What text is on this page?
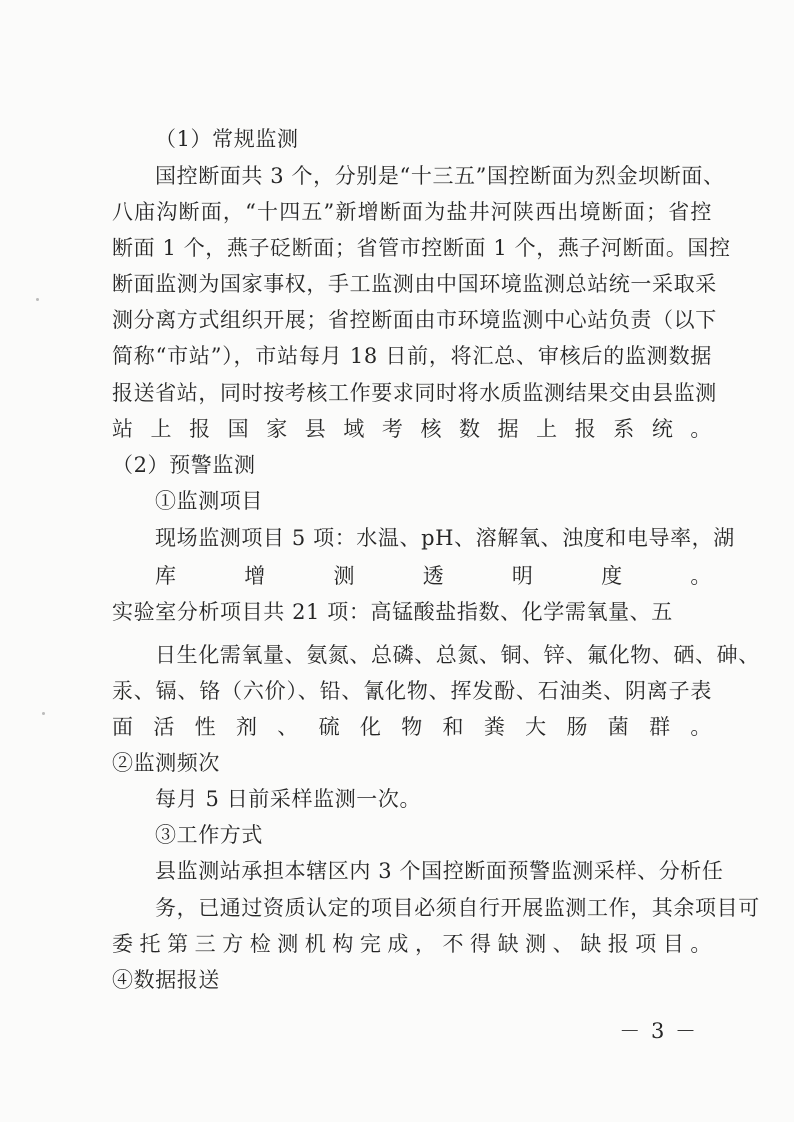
（1）常规监测
国控断面共 3 个，分别是“十三五”国控断面为烈金坝断面、
八庙沟断面，“十四五”新增断面为盐井河陕西出境断面；省控
断面 1 个，燕子砭断面；省管市控断面 1 个，燕子河断面。国控
断面监测为国家事权，手工监测由中国环境监测总站统一采取采
测分离方式组织开展；省控断面由市环境监测中心站负责（以下
简称“市站”），市站每月 18 日前，将汇总、审核后的监测数据
报送省站，同时按考核工作要求同时将水质监测结果交由县监测
站上报国家县域考核数据上报系统。
（2）预警监测
①监测项目
现场监测项目 5 项：水温、pH、溶解氧、浊度和电导率，湖
库增测透明度。
实验室分析项目共 21 项：高锰酸盐指数、化学需氧量、五
日生化需氧量、氨氮、总磷、总氮、铜、锌、氟化物、硒、砷、
汞、镉、铬（六价）、铅、氰化物、挥发酚、石油类、阴离子表
面活性剂、硫化物和粪大肠菌群。
②监测频次
每月 5 日前采样监测一次。
③工作方式
县监测站承担本辖区内 3 个国控断面预警监测采样、分析任
务，已通过资质认定的项目必须自行开展监测工作，其余项目可
委托第三方检测机构完成，不得缺测、缺报项目。
④数据报送
－ 3 －
